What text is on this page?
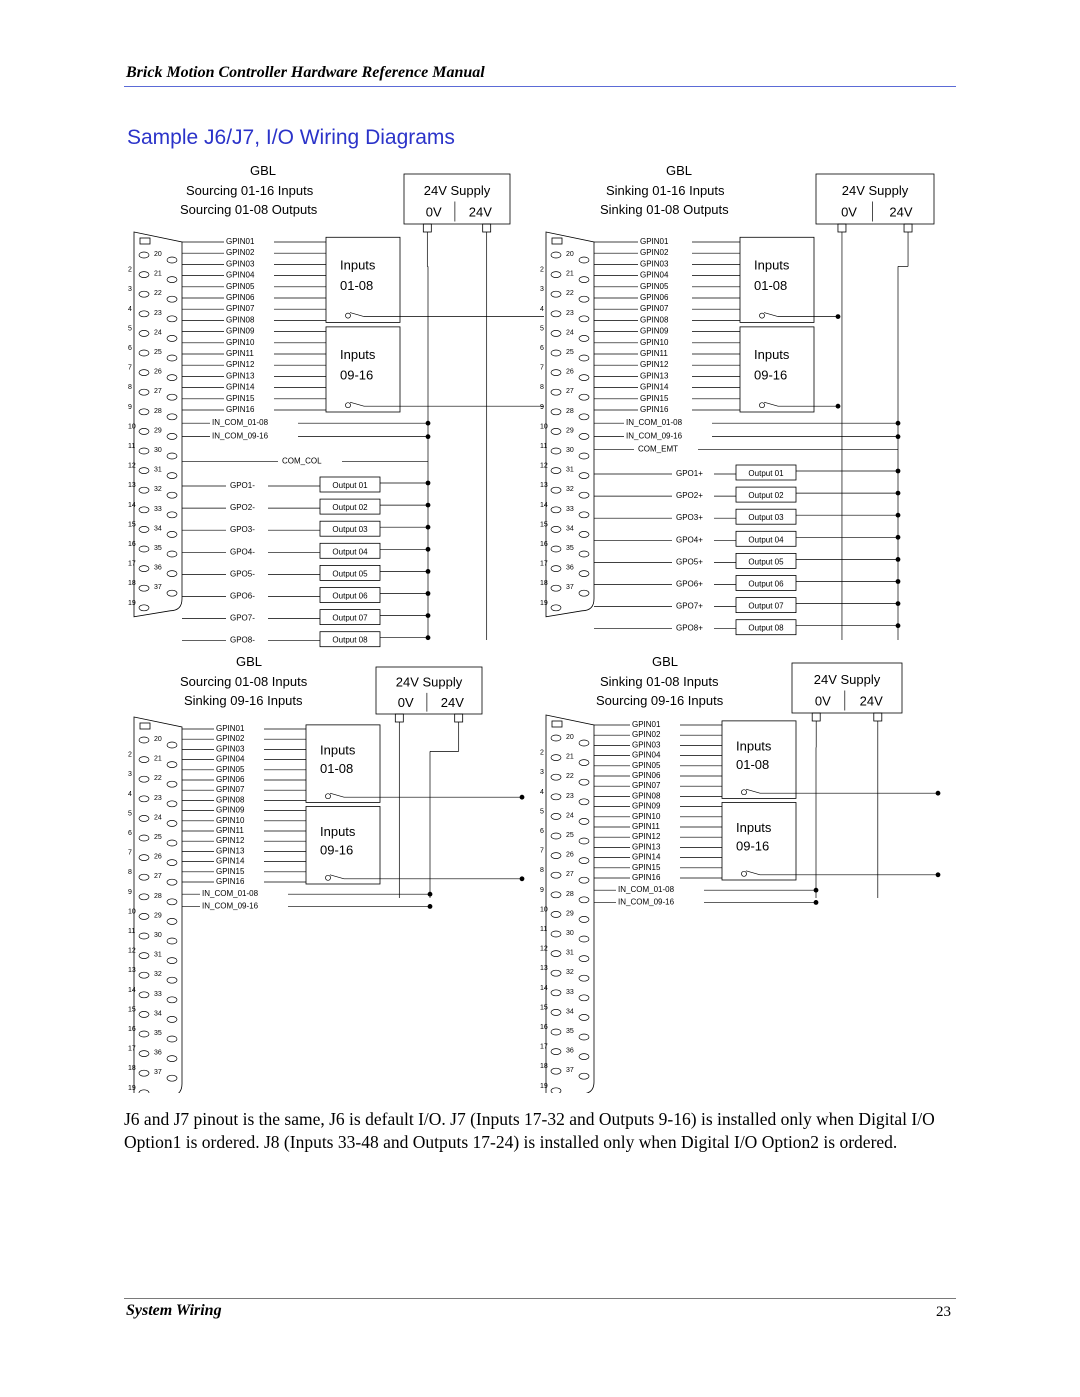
Brick Motion Controller Hardware Reference Manual
Sample J6/J7, I/O Wiring Diagrams
GBL
Sourcing 01-16 Inputs
Sourcing 01-08 Outputs
24V Supply
0V 24V
20
2
21
3
22
4
23
5
24
6
25
7
26
8
27
9
28
10
29
11
30
12
31
13
32
14
33
15
34
16
35
17
36
18
37
19
GPIN01
GPIN02
GPIN03
GPIN04
GPIN05
GPIN06
GPIN07
GPIN08
GPIN09
GPIN10
GPIN11
GPIN12
GPIN13
GPIN14
GPIN15
GPIN16
Inputs
01-08
Inputs
09-16
IN_COM_01-08
IN_COM_09-16
COM_COL
GPO1-	Output 01
GPO2-	Output 02
GPO3-	Output 03
GPO4-	Output 04
GPO5-	Output 05
GPO6-	Output 06
GPO7-	Output 07
GPO8-	Output 08
GBL
Sinking 01-16 Inputs
Sinking 01-08 Outputs
24V Supply
0V 24V
20
2
21
3
22
4
23
5
24
6
25
7
26
8
27
9
28
10
29
11
30
12
31
13
32
14
33
15
34
16
35
17
36
18
37
19
GPIN01
GPIN02
GPIN03
GPIN04
GPIN05
GPIN06
GPIN07
GPIN08
GPIN09
GPIN10
GPIN11
GPIN12
GPIN13
GPIN14
GPIN15
GPIN16
Inputs
01-08
Inputs
09-16
IN_COM_01-08
IN_COM_09-16
COM_EMT
GPO1+	Output 01
GPO2+	Output 02
GPO3+	Output 03
GPO4+	Output 04
GPO5+	Output 05
GPO6+	Output 06
GPO7+	Output 07
GPO8+	Output 08
GBL
Sourcing 01-08 Inputs
Sinking 09-16 Inputs
24V Supply
0V 24V
20
2
21
3
22
4
23
5
24
6
25
7
26
8
27
9
28
10
29
11
30
12
31
13
32
14
33
15
34
16
35
17
36
18
37
19
GPIN01
GPIN02
GPIN03
GPIN04
GPIN05
GPIN06
GPIN07
GPIN08
GPIN09
GPIN10
GPIN11
GPIN12
GPIN13
GPIN14
GPIN15
GPIN16
Inputs
01-08
Inputs
09-16
IN_COM_01-08
IN_COM_09-16
GBL
Sinking 01-08 Inputs
Sourcing 09-16 Inputs
24V Supply
0V 24V
20
2
21
3
22
4
23
5
24
6
25
7
26
8
27
9
28
10
29
11
30
12
31
13
32
14
33
15
34
16
35
17
36
18
37
19
GPIN01
GPIN02
GPIN03
GPIN04
GPIN05
GPIN06
GPIN07
GPIN08
GPIN09
GPIN10
GPIN11
GPIN12
GPIN13
GPIN14
GPIN15
GPIN16
Inputs
01-08
Inputs
09-16
IN_COM_01-08
IN_COM_09-16
J6 and J7 pinout is the same, J6 is default I/O. J7 (Inputs 17-32 and Outputs 9-16) is installed only when Digital I/O Option1 is ordered. J8 (Inputs 33-48 and Outputs 17-24) is installed only when Digital I/O Option2 is ordered.
System Wiring	23
